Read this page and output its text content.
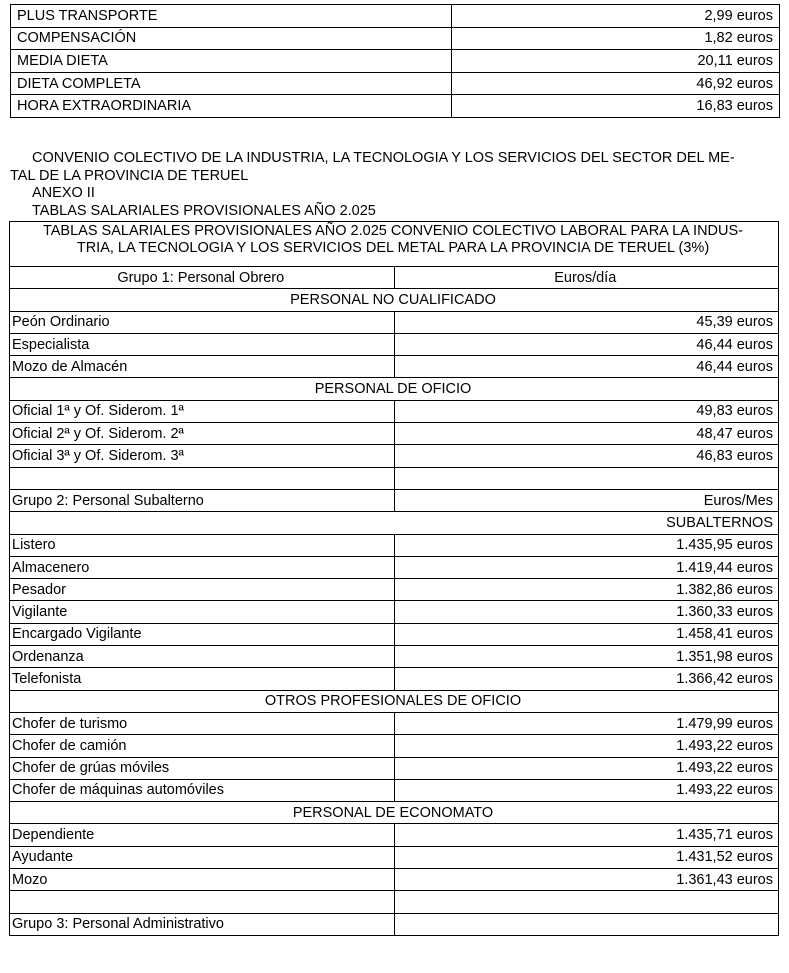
PLUS TRANSPORTE	2,99 euros
COMPENSACIÓN	1,82 euros
MEDIA DIETA	20,11 euros
DIETA COMPLETA	46,92 euros
HORA EXTRAORDINARIA	16,83 euros
CONVENIO COLECTIVO DE LA INDUSTRIA, LA TECNOLOGIA Y LOS SERVICIOS DEL SECTOR DEL ME-
TAL DE LA PROVINCIA DE TERUEL
ANEXO II
TABLAS SALARIALES PROVISIONALES AÑO 2.025
TABLAS SALARIALES PROVISIONALES AÑO 2.025 CONVENIO COLECTIVO LABORAL PARA LA INDUS-
TRIA, LA TECNOLOGIA Y LOS SERVICIOS DEL METAL PARA LA PROVINCIA DE TERUEL (3%)	

Grupo 1: Personal Obrero	Euros/día
PERSONAL NO CUALIFICADO	
Peón Ordinario	45,39 euros
Especialista	46,44 euros
Mozo de Almacén	46,44 euros
PERSONAL DE OFICIO	
Oficial 1ª y Of. Siderom. 1ª	49,83 euros
Oficial 2ª y Of. Siderom. 2ª	48,47 euros
Oficial 3ª y Of. Siderom. 3ª	46,83 euros

Grupo 2: Personal Subalterno	Euros/Mes
SUBALTERNOS	
Listero	1.435,95 euros
Almacenero	1.419,44 euros
Pesador	1.382,86 euros
Vigilante	1.360,33 euros
Encargado Vigilante	1.458,41 euros
Ordenanza	1.351,98 euros
Telefonista	1.366,42 euros
OTROS PROFESIONALES DE OFICIO	
Chofer de turismo	1.479,99 euros
Chofer de camión	1.493,22 euros
Chofer de grúas móviles	1.493,22 euros
Chofer de máquinas automóviles	1.493,22 euros
PERSONAL DE ECONOMATO	
Dependiente	1.435,71 euros
Ayudante	1.431,52 euros
Mozo	1.361,43 euros

Grupo 3: Personal Administrativo	
